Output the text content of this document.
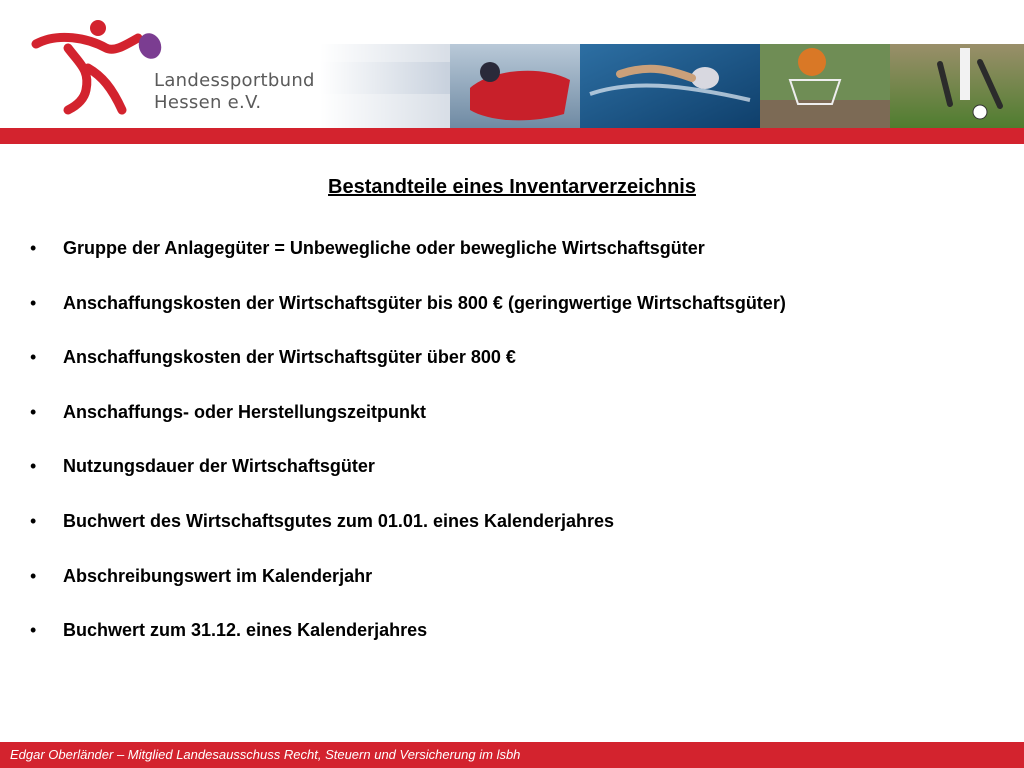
Landessportbund
Hessen e.V.
Bestandteile eines Inventarverzeichnis
• Gruppe der Anlagegüter = Unbewegliche oder bewegliche Wirtschaftsgüter
• Anschaffungskosten der Wirtschaftsgüter bis 800 € (geringwertige Wirtschaftsgüter)
• Anschaffungskosten der Wirtschaftsgüter über 800 €
• Anschaffungs- oder Herstellungszeitpunkt
• Nutzungsdauer der Wirtschaftsgüter
• Buchwert des Wirtschaftsgutes zum 01.01. eines Kalenderjahres
• Abschreibungswert im Kalenderjahr
• Buchwert zum 31.12. eines Kalenderjahres
Edgar Oberländer – Mitglied Landesausschuss Recht, Steuern und Versicherung im lsbh
